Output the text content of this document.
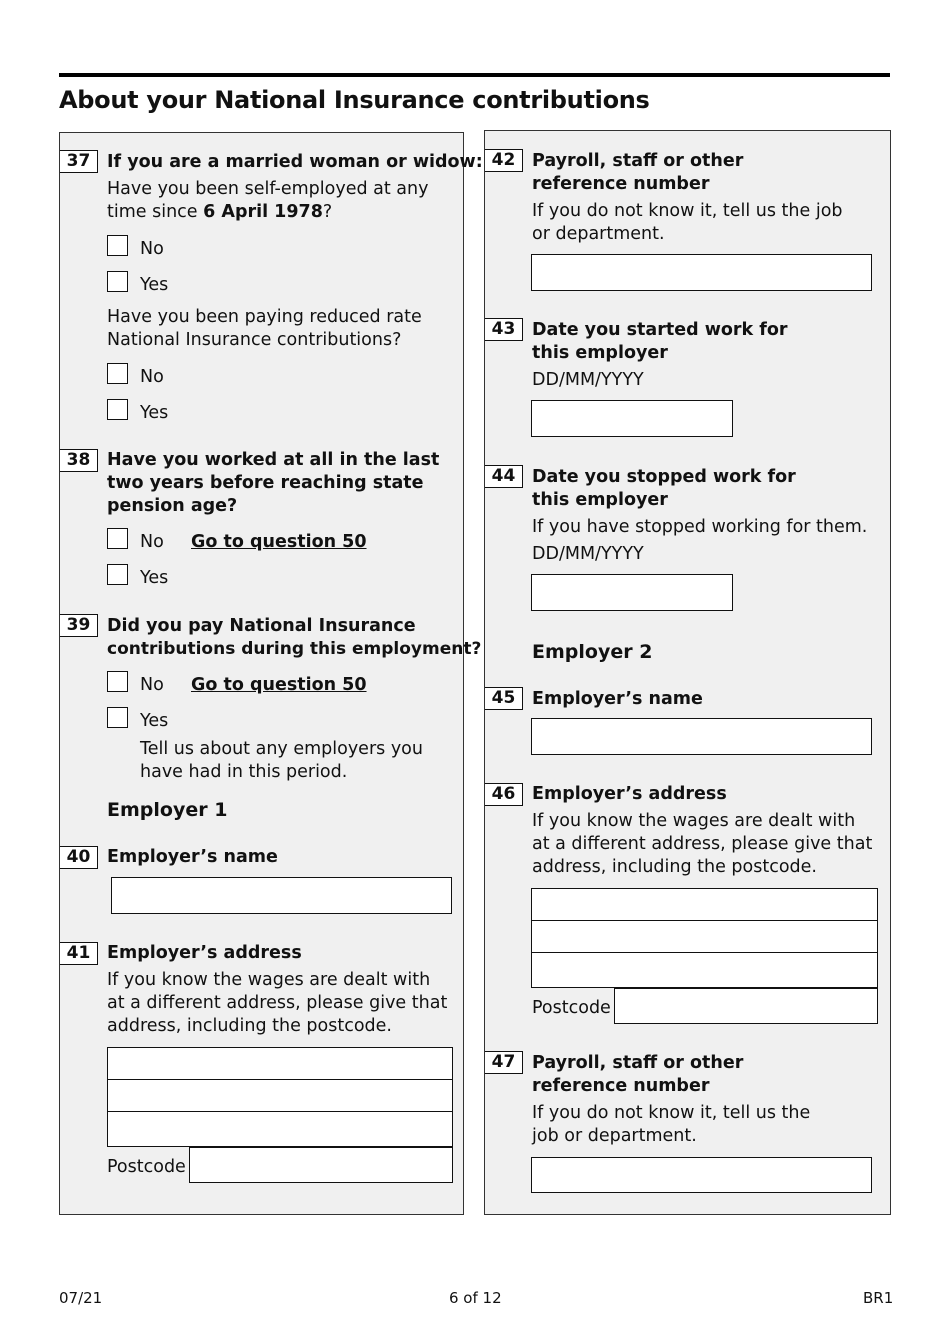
About your National Insurance contributions
37 If you are a married woman or widow:
Have you been self-employed at any
time since 6 April 1978?
No
Yes
Have you been paying reduced rate
National Insurance contributions?
No
Yes
38 Have you worked at all in the last
two years before reaching state
pension age?
No Go to question 50
Yes
39 Did you pay National Insurance
contributions during this employment?
No Go to question 50
Yes
Tell us about any employers you
have had in this period.
Employer 1
40 Employer’s name
41 Employer’s address
If you know the wages are dealt with
at a different address, please give that
address, including the postcode.
Postcode
42 Payroll, staff or other
reference number
If you do not know it, tell us the job
or department.
43 Date you started work for
this employer
DD/MM/YYYY
44 Date you stopped work for
this employer
If you have stopped working for them.
DD/MM/YYYY
Employer 2
45 Employer’s name
46 Employer’s address
If you know the wages are dealt with
at a different address, please give that
address, including the postcode.
Postcode
47 Payroll, staff or other
reference number
If you do not know it, tell us the
job or department.
07/21	6 of 12	BR1
